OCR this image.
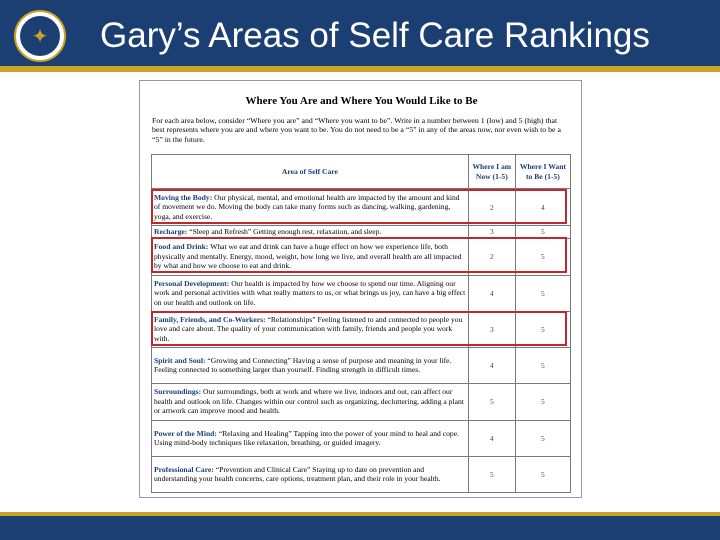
✦	Gary’s Areas of Self Care Rankings
Where You Are and Where You Would Like to Be
For each area below, consider “Where you are” and “Where you want to be”. Write in a number between 1 (low) and 5 (high) that best represents where you are and where you want to be. You do not need to be a “5” in any of the areas now, nor even wish to be a “5” in the future.
Area of Self Care	Where I am Now (1-5)	Where I Want to Be (1-5)
Moving the Body: Our physical, mental, and emotional health are impacted by the amount and kind of movement we do. Moving the body can take many forms such as dancing, walking, gardening, yoga, and exercise.	2	4
Recharge: “Sleep and Refresh” Getting enough rest, relaxation, and sleep.	3	5
Food and Drink: What we eat and drink can have a huge effect on how we experience life, both physically and mentally. Energy, mood, weight, how long we live, and overall health are all impacted by what and how we choose to eat and drink.	2	5
Personal Development: Our health is impacted by how we choose to spend our time. Aligning our work and personal activities with what really matters to us, or what brings us joy, can have a big effect on our health and outlook on life.	4	5
Family, Friends, and Co-Workers: “Relationships” Feeling listened to and connected to people you love and care about. The quality of your communication with family, friends and people you work with.	3	5
Spirit and Soul: “Growing and Connecting” Having a sense of purpose and meaning in your life. Feeling connected to something larger than yourself. Finding strength in difficult times.	4	5
Surroundings: Our surroundings, both at work and where we live, indoors and out, can affect our health and outlook on life. Changes within our control such as organizing, decluttering, adding a plant or artwork can improve mood and health.	5	5
Power of the Mind: “Relaxing and Healing” Tapping into the power of your mind to heal and cope. Using mind-body techniques like relaxation, breathing, or guided imagery.	4	5
Professional Care: “Prevention and Clinical Care” Staying up to date on prevention and understanding your health concerns, care options, treatment plan, and their role in your health.	5	5
